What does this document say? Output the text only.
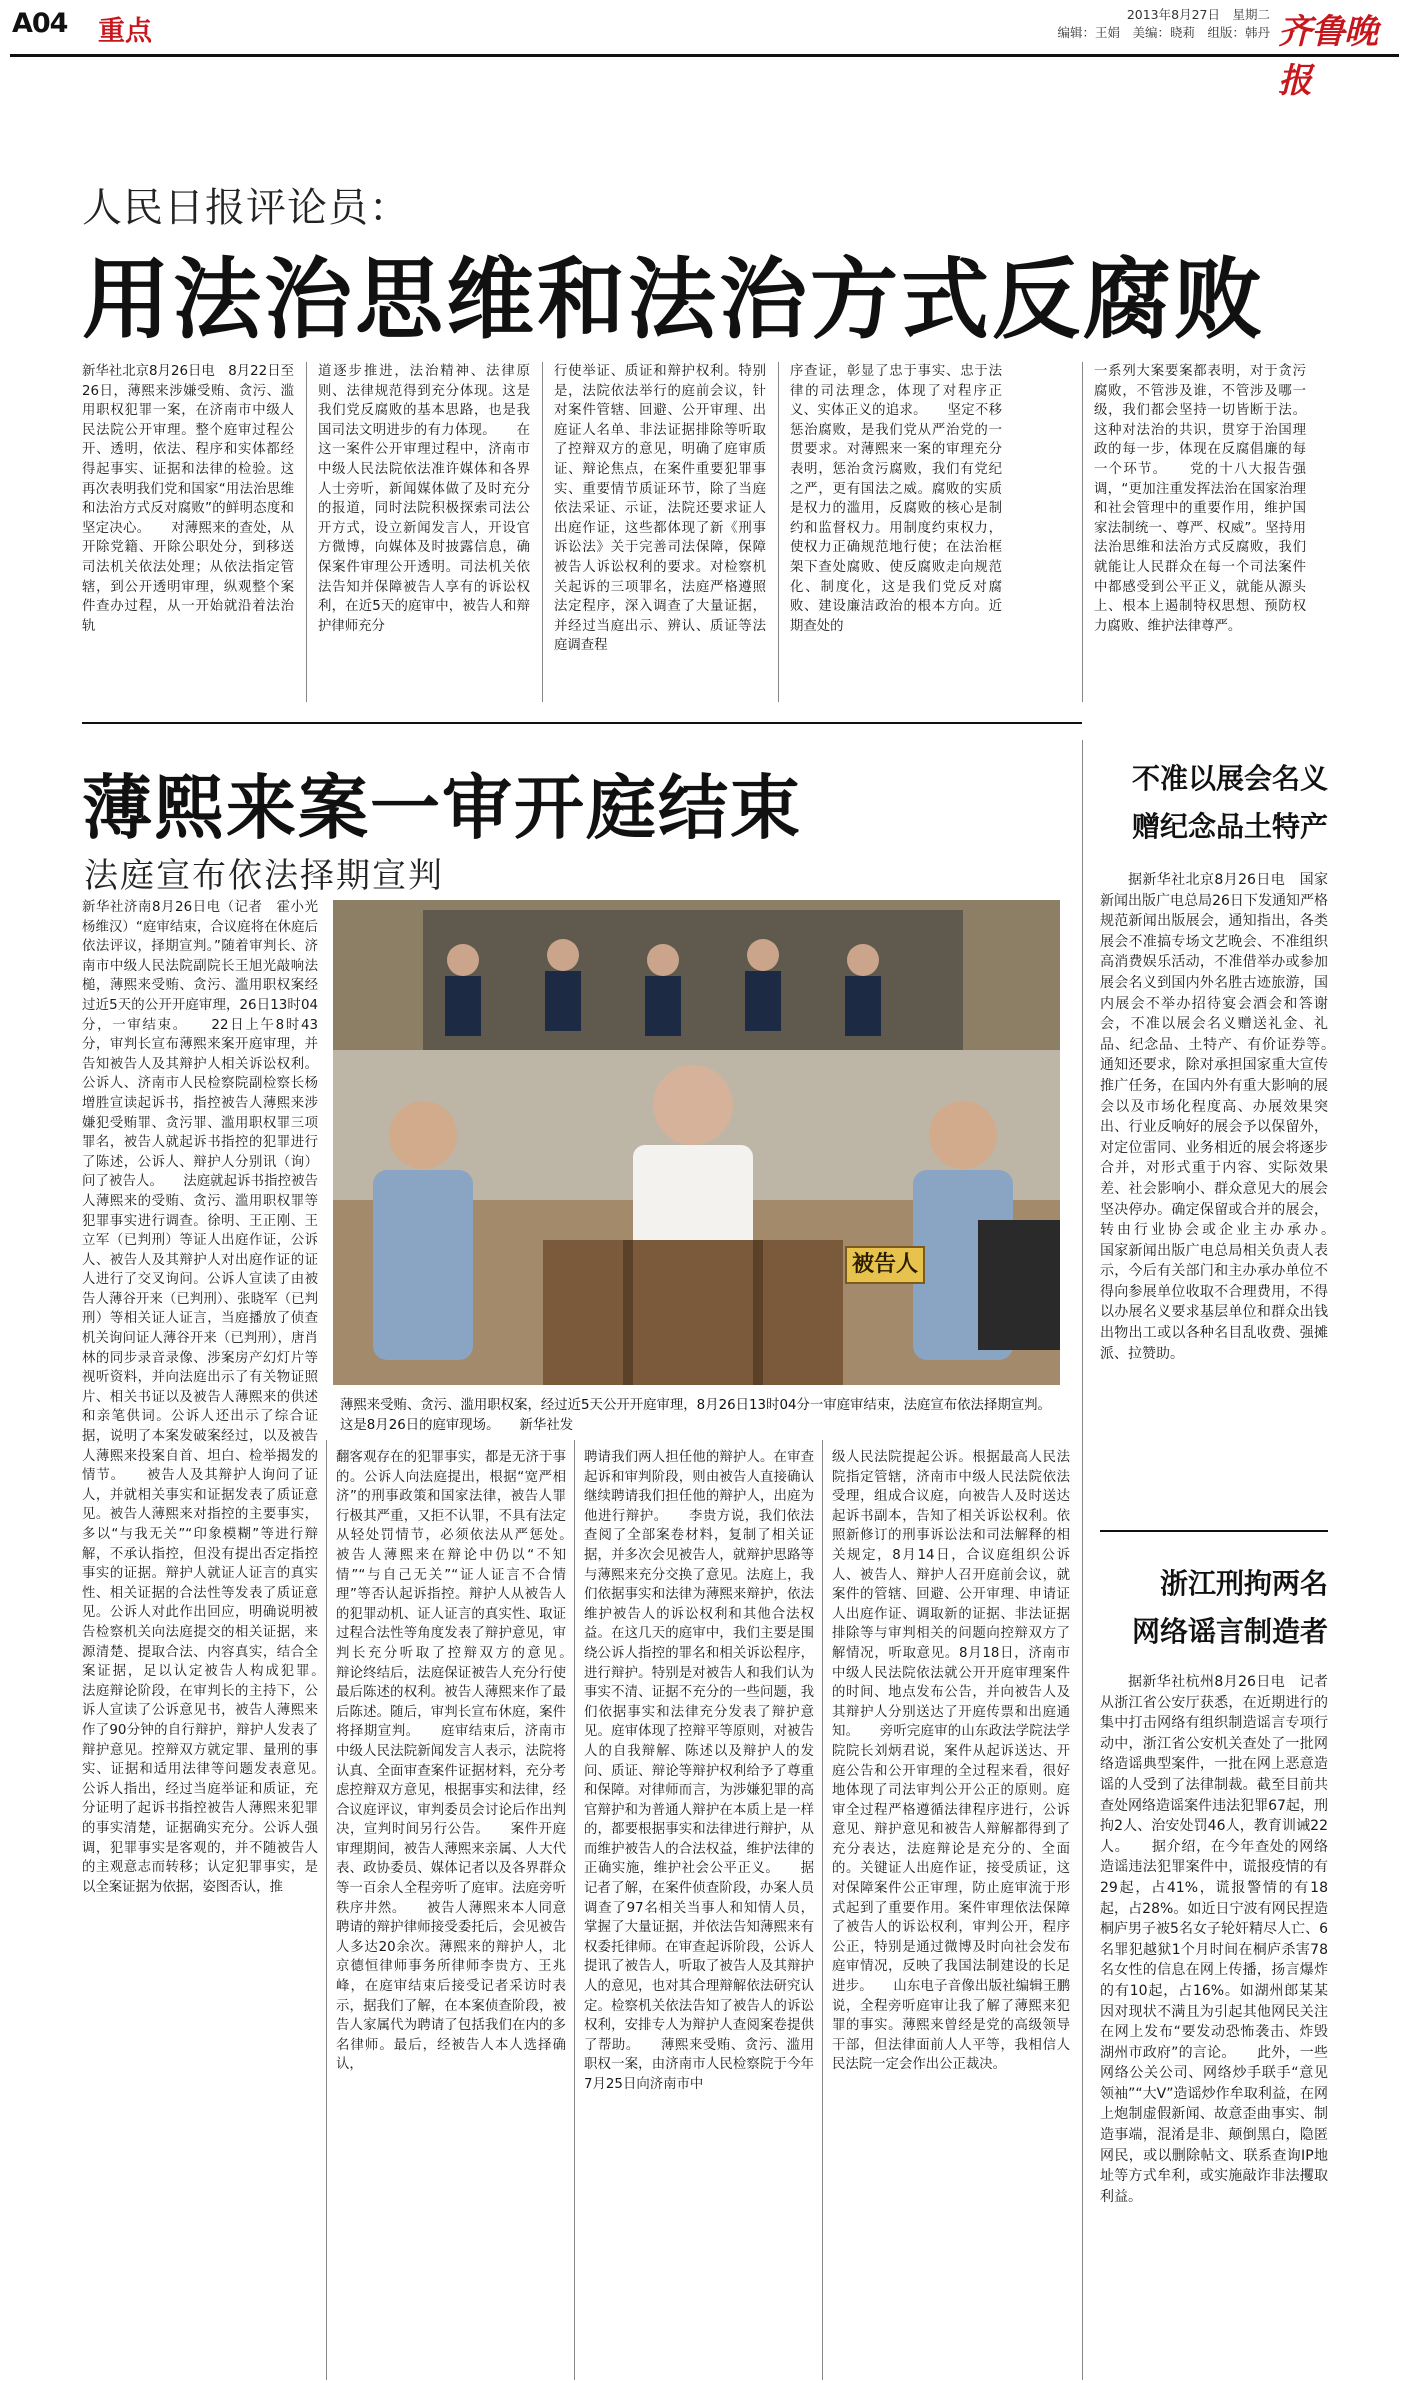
A04 重点
2013年8月27日　星期二
编辑：王娟　美编：晓莉　组版：韩丹 齐鲁晚报
人民日报评论员：
用法治思维和法治方式反腐败

新华社北京8月26日电　8月22日至26日，薄熙来涉嫌受贿、贪污、滥用职权犯罪一案，在济南市中级人民法院公开审理。整个庭审过程公开、透明，依法、程序和实体都经得起事实、证据和法律的检验。这再次表明我们党和国家“用法治思维和法治方式反对腐败”的鲜明态度和坚定决心。　　对薄熙来的查处，从开除党籍、开除公职处分，到移送司法机关依法处理；从依法指定管辖，到公开透明审理，纵观整个案件查办过程，从一开始就沿着法治轨

道逐步推进，法治精神、法律原则、法律规范得到充分体现。这是我们党反腐败的基本思路，也是我国司法文明进步的有力体现。　　在这一案件公开审理过程中，济南市中级人民法院依法准许媒体和各界人士旁听，新闻媒体做了及时充分的报道，同时法院积极探索司法公开方式，设立新闻发言人，开设官方微博，向媒体及时披露信息，确保案件审理公开透明。司法机关依法告知并保障被告人享有的诉讼权利，在近5天的庭审中，被告人和辩护律师充分

行使举证、质证和辩护权利。特别是，法院依法举行的庭前会议，针对案件管辖、回避、公开审理、出庭证人名单、非法证据排除等听取了控辩双方的意见，明确了庭审质证、辩论焦点，在案件重要犯罪事实、重要情节质证环节，除了当庭依法采证、示证，法院还要求证人出庭作证，这些都体现了新《刑事诉讼法》关于完善司法保障，保障被告人诉讼权利的要求。对检察机关起诉的三项罪名，法庭严格遵照法定程序，深入调查了大量证据，并经过当庭出示、辨认、质证等法庭调查程

序查证，彰显了忠于事实、忠于法律的司法理念，体现了对程序正义、实体正义的追求。　　坚定不移惩治腐败，是我们党从严治党的一贯要求。对薄熙来一案的审理充分表明，惩治贪污腐败，我们有党纪之严，更有国法之威。腐败的实质是权力的滥用，反腐败的核心是制约和监督权力。用制度约束权力，使权力正确规范地行使；在法治框架下查处腐败、使反腐败走向规范化、制度化，这是我们党反对腐败、建设廉洁政治的根本方向。近期查处的

一系列大案要案都表明，对于贪污腐败，不管涉及谁，不管涉及哪一级，我们都会坚持一切皆断于法。这种对法治的共识，贯穿于治国理政的每一步，体现在反腐倡廉的每一个环节。　　党的十八大报告强调，“更加注重发挥法治在国家治理和社会管理中的重要作用，维护国家法制统一、尊严、权威”。坚持用法治思维和法治方式反腐败，我们就能让人民群众在每一个司法案件中都感受到公平正义，就能从源头上、根本上遏制特权思想、预防权力腐败、维护法律尊严。

薄熙来案一审开庭结束
法庭宣布依法择期宣判
被告人
薄熙来受贿、贪污、滥用职权案，经过近5天公开开庭审理，8月26日13时04分一审庭审结束，法庭宣布依法择期宣判。这是8月26日的庭审现场。　　新华社发

新华社济南8月26日电（记者　霍小光　杨维汉）“庭审结束，合议庭将在休庭后依法评议，择期宣判。”随着审判长、济南市中级人民法院副院长王旭光敲响法槌，薄熙来受贿、贪污、滥用职权案经过近5天的公开开庭审理，26日13时04分，一审结束。　　22日上午8时43分，审判长宣布薄熙来案开庭审理，并告知被告人及其辩护人相关诉讼权利。公诉人、济南市人民检察院副检察长杨增胜宣读起诉书，指控被告人薄熙来涉嫌犯受贿罪、贪污罪、滥用职权罪三项罪名，被告人就起诉书指控的犯罪进行了陈述，公诉人、辩护人分别讯（询）问了被告人。　　法庭就起诉书指控被告人薄熙来的受贿、贪污、滥用职权罪等犯罪事实进行调查。徐明、王正刚、王立军（已判刑）等证人出庭作证，公诉人、被告人及其辩护人对出庭作证的证人进行了交叉询问。公诉人宣读了由被告人薄谷开来（已判刑）、张晓军（已判刑）等相关证人证言，当庭播放了侦查机关询问证人薄谷开来（已判刑），唐肖林的同步录音录像、涉案房产幻灯片等视听资料，并向法庭出示了有关物证照片、相关书证以及被告人薄熙来的供述和亲笔供词。公诉人还出示了综合证据，说明了本案发破案经过，以及被告人薄熙来投案自首、坦白、检举揭发的情节。　　被告人及其辩护人询问了证人，并就相关事实和证据发表了质证意见。被告人薄熙来对指控的主要事实，多以“与我无关”“印象模糊”等进行辩解，不承认指控，但没有提出否定指控事实的证据。辩护人就证人证言的真实性、相关证据的合法性等发表了质证意见。公诉人对此作出回应，明确说明被告检察机关向法庭提交的相关证据，来源清楚、提取合法、内容真实，结合全案证据，足以认定被告人构成犯罪。　　法庭辩论阶段，在审判长的主持下，公诉人宣读了公诉意见书，被告人薄熙来作了90分钟的自行辩护，辩护人发表了辩护意见。控辩双方就定罪、量刑的事实、证据和适用法律等问题发表意见。　　公诉人指出，经过当庭举证和质证，充分证明了起诉书指控被告人薄熙来犯罪的事实清楚，证据确实充分。公诉人强调，犯罪事实是客观的，并不随被告人的主观意志而转移；认定犯罪事实，是以全案证据为依据，姿图否认，推

翻客观存在的犯罪事实，都是无济于事的。公诉人向法庭提出，根据“宽严相济”的刑事政策和国家法律，被告人罪行极其严重，又拒不认罪，不具有法定从轻处罚情节，必须依法从严惩处。　　被告人薄熙来在辩论中仍以“不知情”“与自己无关”“证人证言不合情理”等否认起诉指控。辩护人从被告人的犯罪动机、证人证言的真实性、取证过程合法性等角度发表了辩护意见，审判长充分听取了控辩双方的意见。　　辩论终结后，法庭保证被告人充分行使最后陈述的权利。被告人薄熙来作了最后陈述。随后，审判长宣布休庭，案件将择期宣判。　　庭审结束后，济南市中级人民法院新闻发言人表示，法院将认真、全面审查案件证据材料，充分考虑控辩双方意见，根据事实和法律，经合议庭评议，审判委员会讨论后作出判决，宣判时间另行公告。　　案件开庭审理期间，被告人薄熙来亲属、人大代表、政协委员、媒体记者以及各界群众等一百余人全程旁听了庭审。法庭旁听秩序井然。　　被告人薄熙来本人同意聘请的辩护律师接受委托后，会见被告人多达20余次。薄熙来的辩护人，北京德恒律师事务所律师李贵方、王兆峰，在庭审结束后接受记者采访时表示，据我们了解，在本案侦查阶段，被告人家属代为聘请了包括我们在内的多名律师。最后，经被告人本人选择确认，

聘请我们两人担任他的辩护人。在审查起诉和审判阶段，则由被告人直接确认继续聘请我们担任他的辩护人，出庭为他进行辩护。　　李贵方说，我们依法查阅了全部案卷材料，复制了相关证据，并多次会见被告人，就辩护思路等与薄熙来充分交换了意见。法庭上，我们依据事实和法律为薄熙来辩护，依法维护被告人的诉讼权利和其他合法权益。在这几天的庭审中，我们主要是围绕公诉人指控的罪名和相关诉讼程序，进行辩护。特别是对被告人和我们认为事实不清、证据不充分的一些问题，我们依据事实和法律充分发表了辩护意见。庭审体现了控辩平等原则，对被告人的自我辩解、陈述以及辩护人的发问、质证、辩论等辩护权利给予了尊重和保障。对律师而言，为涉嫌犯罪的高官辩护和为普通人辩护在本质上是一样的，都要根据事实和法律进行辩护，从而维护被告人的合法权益，维护法律的正确实施，维护社会公平正义。　　据记者了解，在案件侦查阶段，办案人员调查了97名相关当事人和知情人员，掌握了大量证据，并依法告知薄熙来有权委托律师。在审查起诉阶段，公诉人提讯了被告人，听取了被告人及其辩护人的意见，也对其合理辩解依法研究认定。检察机关依法告知了被告人的诉讼权利，安排专人为辩护人查阅案卷提供了帮助。　　薄熙来受贿、贪污、滥用职权一案，由济南市人民检察院于今年7月25日向济南市中

级人民法院提起公诉。根据最高人民法院指定管辖，济南市中级人民法院依法受理，组成合议庭，向被告人及时送达起诉书副本，告知了相关诉讼权利。依照新修订的刑事诉讼法和司法解释的相关规定，8月14日，合议庭组织公诉人、被告人、辩护人召开庭前会议，就案件的管辖、回避、公开审理、申请证人出庭作证、调取新的证据、非法证据排除等与审判相关的问题向控辩双方了解情况，听取意见。8月18日，济南市中级人民法院依法就公开开庭审理案件的时间、地点发布公告，并向被告人及其辩护人分别送达了开庭传票和出庭通知。　　旁听完庭审的山东政法学院法学院院长刘炳君说，案件从起诉送达、开庭公告和公开审理的全过程来看，很好地体现了司法审判公开公正的原则。庭审全过程严格遵循法律程序进行，公诉意见、辩护意见和被告人辩解都得到了充分表达，法庭辩论是充分的、全面的。关键证人出庭作证，接受质证，这对保障案件公正审理，防止庭审流于形式起到了重要作用。案件审理依法保障了被告人的诉讼权利，审判公开，程序公正，特别是通过微博及时向社会发布庭审情况，反映了我国法制建设的长足进步。　　山东电子音像出版社编辑王鹏说，全程旁听庭审让我了解了薄熙来犯罪的事实。薄熙来曾经是党的高级领导干部，但法律面前人人平等，我相信人民法院一定会作出公正裁决。

不准以展会名义
赠纪念品土特产

据新华社北京8月26日电　国家新闻出版广电总局26日下发通知严格规范新闻出版展会，通知指出，各类展会不准搞专场文艺晚会、不准组织高消费娱乐活动，不准借举办或参加展会名义到国内外名胜古迹旅游，国内展会不举办招待宴会酒会和答谢会，不准以展会名义赠送礼金、礼品、纪念品、土特产、有价证券等。　　通知还要求，除对承担国家重大宣传推广任务，在国内外有重大影响的展会以及市场化程度高、办展效果突出、行业反响好的展会予以保留外，对定位雷同、业务相近的展会将逐步合并，对形式重于内容、实际效果差、社会影响小、群众意见大的展会坚决停办。确定保留或合并的展会，转由行业协会或企业主办承办。　　国家新闻出版广电总局相关负责人表示，今后有关部门和主办承办单位不得向参展单位收取不合理费用，不得以办展名义要求基层单位和群众出钱出物出工或以各种名目乱收费、强摊派、拉赞助。

浙江刑拘两名
网络谣言制造者

据新华社杭州8月26日电　记者从浙江省公安厅获悉，在近期进行的集中打击网络有组织制造谣言专项行动中，浙江省公安机关查处了一批网络造谣典型案件，一批在网上恶意造谣的人受到了法律制裁。截至目前共查处网络造谣案件违法犯罪67起，刑拘2人、治安处罚46人，教育训诫22人。　　据介绍，在今年查处的网络造谣违法犯罪案件中，谎报疫情的有29起，占41%，谎报警情的有18起，占28%。如近日宁波有网民捏造桐庐男子被5名女子轮奸精尽人亡、6名罪犯越狱1个月时间在桐庐杀害78名女性的信息在网上传播，扬言爆炸的有10起，占16%。如湖州郎某某因对现状不满且为引起其他网民关注在网上发布“要发动恐怖袭击、炸毁湖州市政府”的言论。　　此外，一些网络公关公司、网络炒手联手“意见领袖”“大V”造谣炒作牟取利益，在网上炮制虚假新闻、故意歪曲事实、制造事端，混淆是非、颠倒黑白，隐匿网民，或以删除帖文、联系查询IP地址等方式牟利，或实施敲诈非法攫取利益。
